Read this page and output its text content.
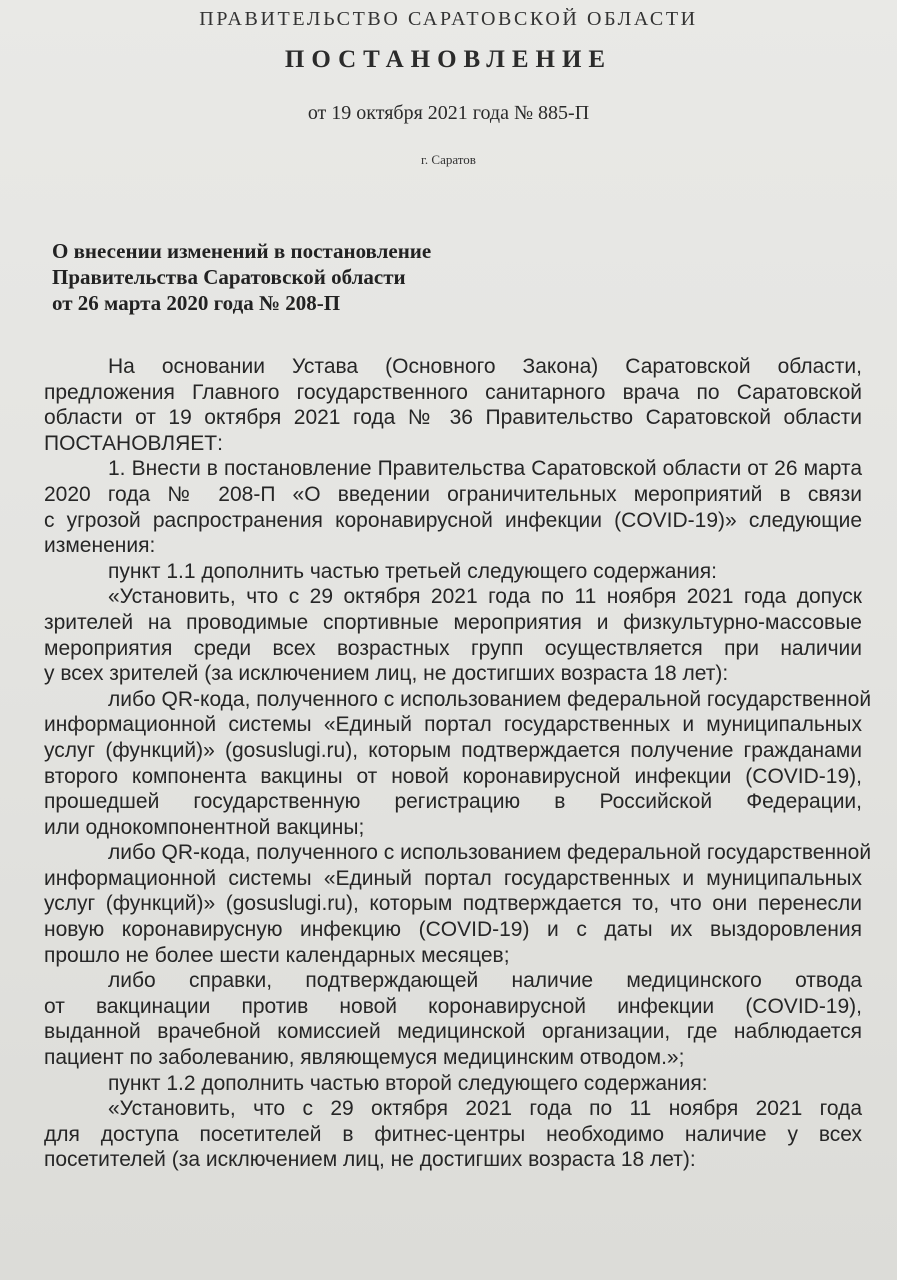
ПРАВИТЕЛЬСТВО САРАТОВСКОЙ ОБЛАСТИ
ПОСТАНОВЛЕНИЕ
от 19 октября 2021 года № 885-П
г. Саратов
О внесении изменений в постановление
Правительства Саратовской области
от 26 марта 2020 года № 208-П
На основании Устава (Основного Закона) Саратовской области,
предложения Главного государственного санитарного врача по Саратовской
области от 19 октября 2021 года № 36 Правительство Саратовской области
ПОСТАНОВЛЯЕТ:
1. Внести в постановление Правительства Саратовской области от 26 марта
2020 года № 208-П «О введении ограничительных мероприятий в связи
с угрозой распространения коронавирусной инфекции (COVID-19)» следующие
изменения:
пункт 1.1 дополнить частью третьей следующего содержания:
«Установить, что с 29 октября 2021 года по 11 ноября 2021 года допуск
зрителей на проводимые спортивные мероприятия и физкультурно-массовые
мероприятия среди всех возрастных групп осуществляется при наличии
у всех зрителей (за исключением лиц, не достигших возраста 18 лет):
либо QR-кода, полученного с использованием федеральной государственной
информационной системы «Единый портал государственных и муниципальных
услуг (функций)» (gosuslugi.ru), которым подтверждается получение гражданами
второго компонента вакцины от новой коронавирусной инфекции (COVID-19),
прошедшей государственную регистрацию в Российской Федерации,
или однокомпонентной вакцины;
либо QR-кода, полученного с использованием федеральной государственной
информационной системы «Единый портал государственных и муниципальных
услуг (функций)» (gosuslugi.ru), которым подтверждается то, что они перенесли
новую коронавирусную инфекцию (COVID-19) и с даты их выздоровления
прошло не более шести календарных месяцев;
либо справки, подтверждающей наличие медицинского отвода
от вакцинации против новой коронавирусной инфекции (COVID-19),
выданной врачебной комиссией медицинской организации, где наблюдается
пациент по заболеванию, являющемуся медицинским отводом.»;
пункт 1.2 дополнить частью второй следующего содержания:
«Установить, что с 29 октября 2021 года по 11 ноября 2021 года
для доступа посетителей в фитнес-центры необходимо наличие у всех
посетителей (за исключением лиц, не достигших возраста 18 лет):
